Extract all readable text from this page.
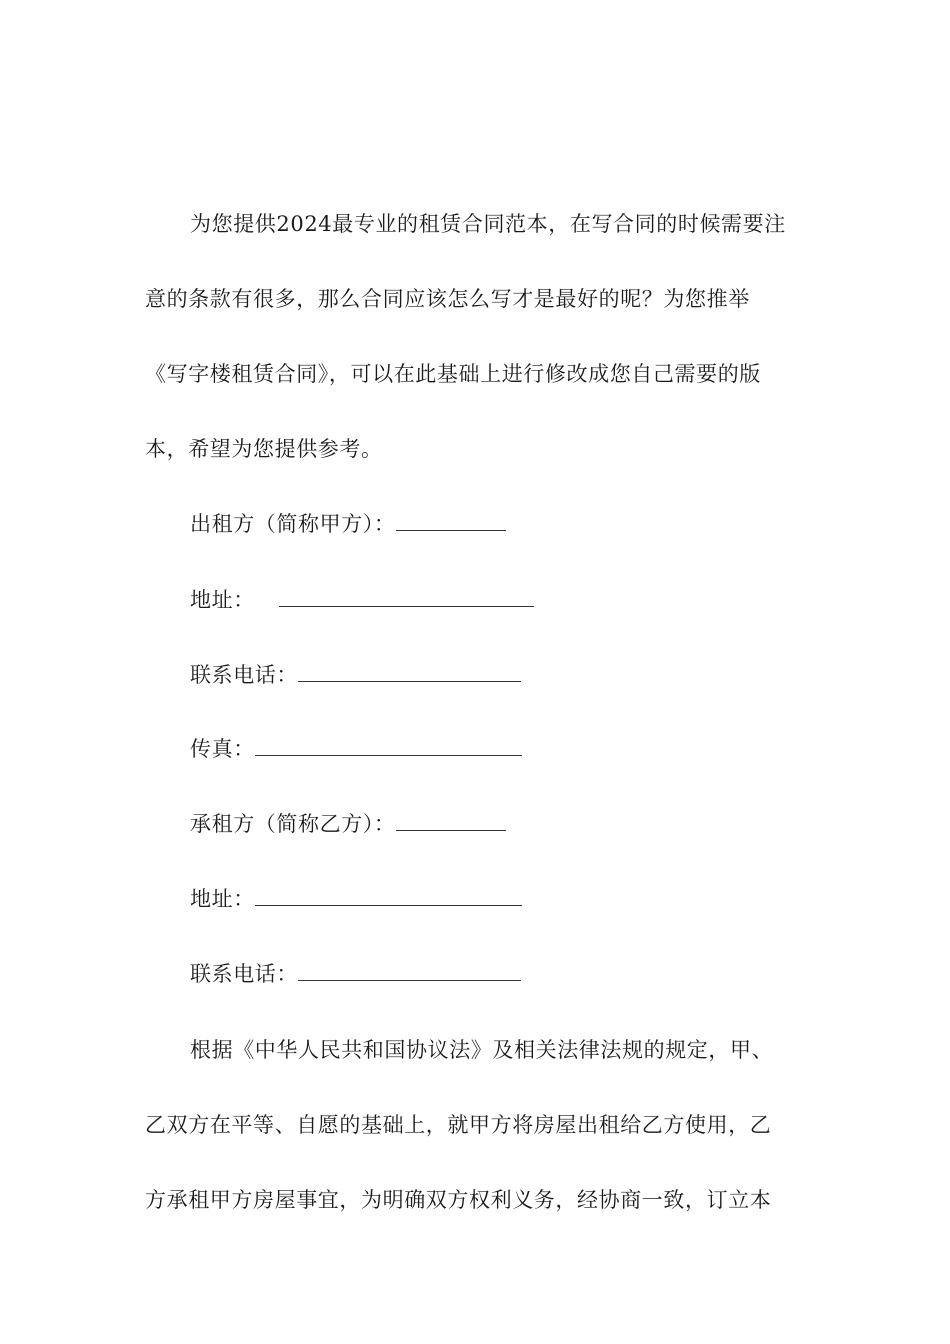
为您提供2024最专业的租赁合同范本，在写合同的时候需要注
意的条款有很多，那么合同应该怎么写才是最好的呢？为您推举
《写字楼租赁合同》，可以在此基础上进行修改成您自己需要的版
本，希望为您提供参考。
出租方（简称甲方）：
地址：
联系电话：
传真：
承租方（简称乙方）：
地址：
联系电话：
根据《中华人民共和国协议法》及相关法律法规的规定，甲、
乙双方在平等、自愿的基础上，就甲方将房屋出租给乙方使用，乙
方承租甲方房屋事宜，为明确双方权利义务，经协商一致，订立本
